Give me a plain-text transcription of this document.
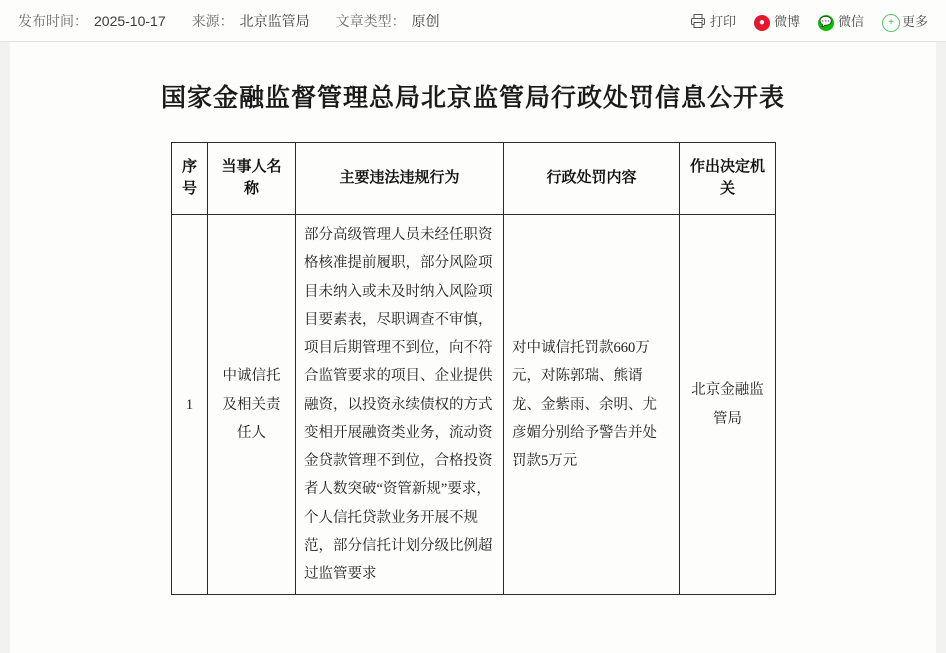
发布时间： 2025-10-17 来源： 北京监管局 文章类型： 原创	打印	● 微博 💬 微信	+ 更多
国家金融监督管理总局北京监管局行政处罚信息公开表
序号	当事人名称	主要违法违规行为	行政处罚内容	作出决定机关
1	中诚信托及相关责任人	部分高级管理人员未经任职资格核准提前履职，部分风险项目未纳入或未及时纳入风险项目要素表，尽职调查不审慎，项目后期管理不到位，向不符合监管要求的项目、企业提供融资，以投资永续债权的方式变相开展融资类业务，流动资金贷款管理不到位，合格投资者人数突破“资管新规”要求，个人信托贷款业务开展不规范，部分信托计划分级比例超过监管要求	对中诚信托罚款660万元，对陈郭瑞、熊谞龙、金紫雨、余明、尤彦媚分别给予警告并处罚款5万元	北京金融监管局
